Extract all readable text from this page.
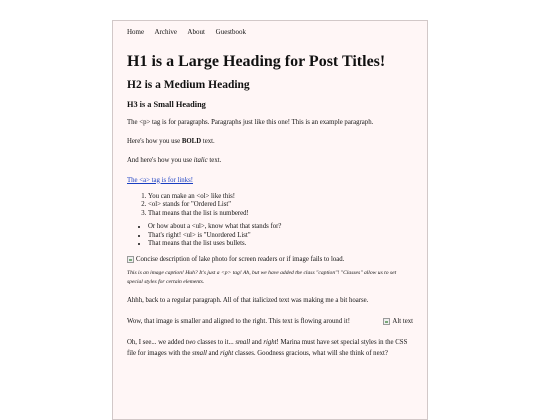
Home Archive About Guestbook
H1 is a Large Heading for Post Titles!
H2 is a Medium Heading
H3 is a Small Heading

The <p> tag is for paragraphs. Paragraphs just like this one! This is an example paragraph.

Here's how you use BOLD text.

And here's how you use italic text.

The <a> tag is for links!

1. You can make an <ol> like this!
2. <ol> stands for "Ordered List"
3. That means that the list is numbered!
• Or how about a <ul>, know what that stands for?
• That's right! <ul> is "Unordered List"
• That means that the list uses bullets.
Concise description of lake photo for screen readers or if image fails to load.

This is an image caption! Huh? It's just a <p> tag! Ah, but we have added the class "caption"! "Classes" allow us to set special styles for certain elements.

Ahhh, back to a regular paragraph. All of that italicized text was making me a bit hoarse.

Alt text

Wow, that image is smaller and aligned to the right. This text is flowing around it!

Oh, I see... we added two classes to it... small and right! Marina must have set special styles in the CSS file for images with the small and right classes. Goodness gracious, what will she think of next?
